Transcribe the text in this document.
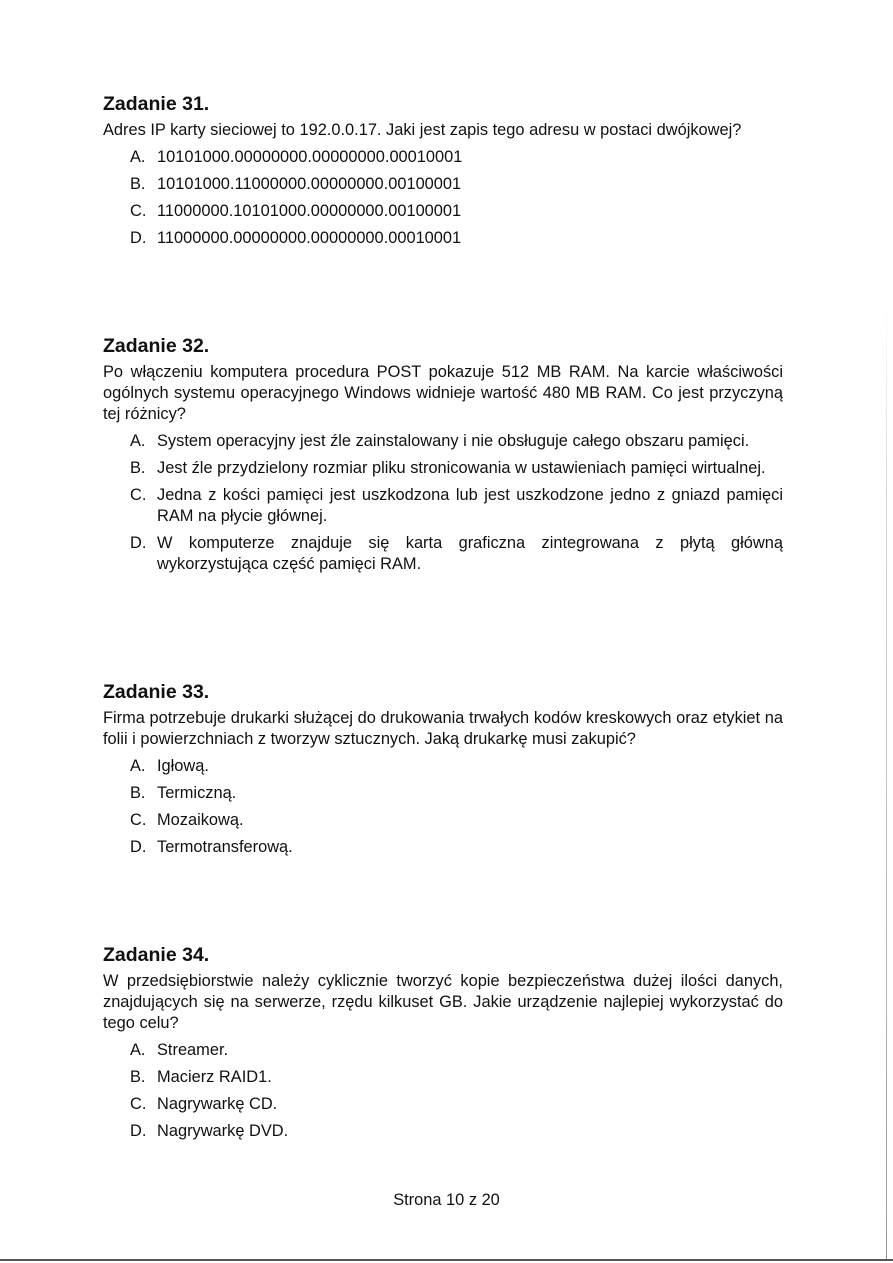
Zadanie 31.
Adres IP karty sieciowej to 192.0.0.17. Jaki jest zapis tego adresu w postaci dwójkowej?
A. 10101000.00000000.00000000.00010001
B. 10101000.11000000.00000000.00100001
C. 11000000.10101000.00000000.00100001
D. 11000000.00000000.00000000.00010001
Zadanie 32.
Po włączeniu komputera procedura POST pokazuje 512 MB RAM. Na karcie właściwości ogólnych systemu operacyjnego Windows widnieje wartość 480 MB RAM. Co jest przyczyną tej różnicy?
A. System operacyjny jest źle zainstalowany i nie obsługuje całego obszaru pamięci.
B. Jest źle przydzielony rozmiar pliku stronicowania w ustawieniach pamięci wirtualnej.
C. Jedna z kości pamięci jest uszkodzona lub jest uszkodzone jedno z gniazd pamięci RAM na płycie głównej.
D. W komputerze znajduje się karta graficzna zintegrowana z płytą główną wykorzystująca część pamięci RAM.
Zadanie 33.
Firma potrzebuje drukarki służącej do drukowania trwałych kodów kreskowych oraz etykiet na folii i powierzchniach z tworzyw sztucznych. Jaką drukarkę musi zakupić?
A. Igłową.
B. Termiczną.
C. Mozaikową.
D. Termotransferową.
Zadanie 34.
W przedsiębiorstwie należy cyklicznie tworzyć kopie bezpieczeństwa dużej ilości danych, znajdujących się na serwerze, rzędu kilkuset GB. Jakie urządzenie najlepiej wykorzystać do tego celu?
A. Streamer.
B. Macierz RAID1.
C. Nagrywarkę CD.
D. Nagrywarkę DVD.
Strona 10 z 20
